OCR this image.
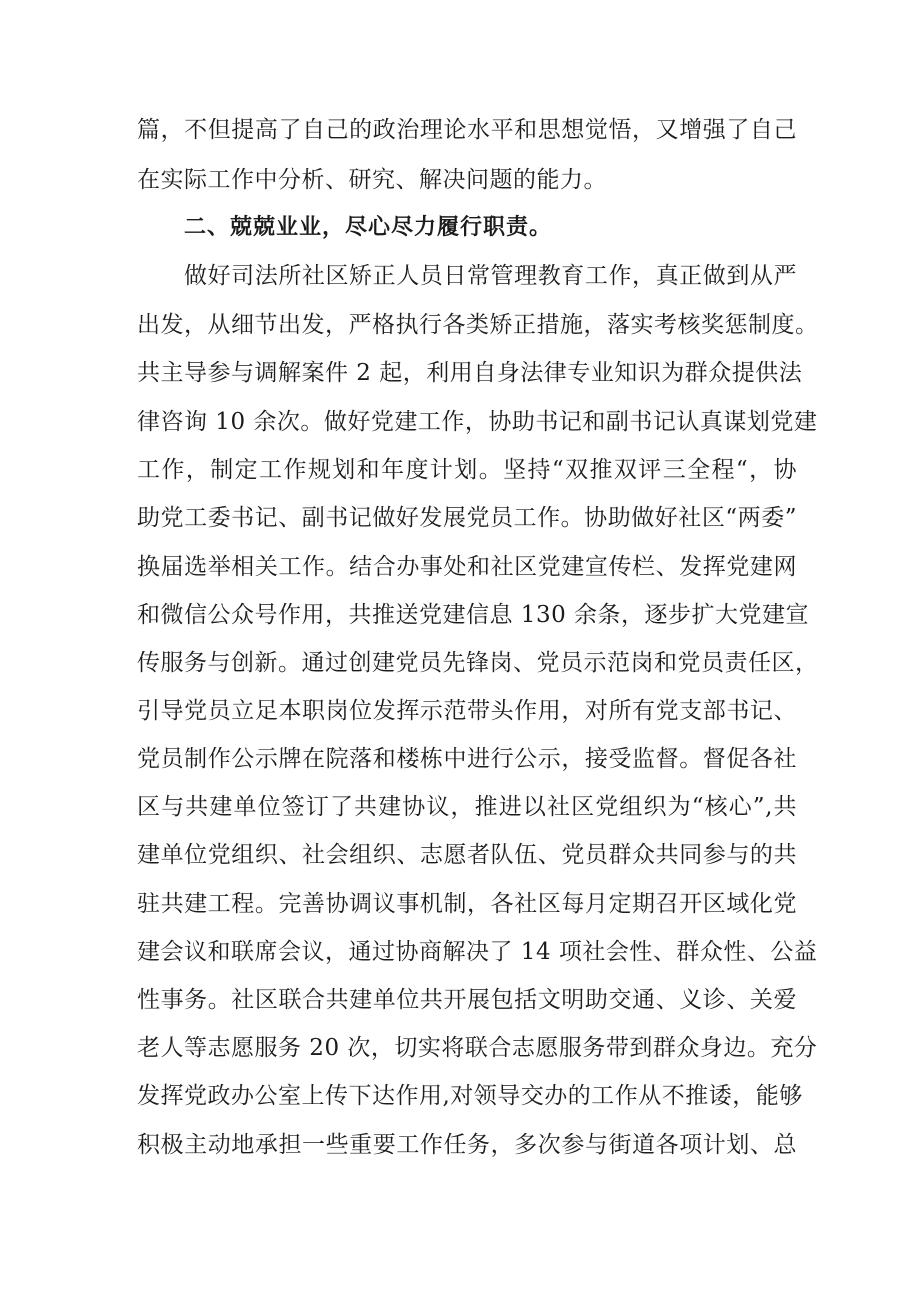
篇，不但提高了自己的政治理论水平和思想觉悟，又增强了自己
在实际工作中分析、研究、解决问题的能力。
二、兢兢业业，尽心尽力履行职责。
做好司法所社区矫正人员日常管理教育工作，真正做到从严
出发，从细节出发，严格执行各类矫正措施，落实考核奖惩制度。
共主导参与调解案件 2 起，利用自身法律专业知识为群众提供法
律咨询 10 余次。做好党建工作，协助书记和副书记认真谋划党建
工作，制定工作规划和年度计划。坚持“双推双评三全程“，协
助党工委书记、副书记做好发展党员工作。协助做好社区“两委”
换届选举相关工作。结合办事处和社区党建宣传栏、发挥党建网
和微信公众号作用，共推送党建信息 130 余条，逐步扩大党建宣
传服务与创新。通过创建党员先锋岗、党员示范岗和党员责任区，
引导党员立足本职岗位发挥示范带头作用，对所有党支部书记、
党员制作公示牌在院落和楼栋中进行公示，接受监督。督促各社
区与共建单位签订了共建协议，推进以社区党组织为“核心”,共
建单位党组织、社会组织、志愿者队伍、党员群众共同参与的共
驻共建工程。完善协调议事机制，各社区每月定期召开区域化党
建会议和联席会议，通过协商解决了 14 项社会性、群众性、公益
性事务。社区联合共建单位共开展包括文明助交通、义诊、关爱
老人等志愿服务 20 次，切实将联合志愿服务带到群众身边。充分
发挥党政办公室上传下达作用,对领导交办的工作从不推诿，能够
积极主动地承担一些重要工作任务，多次参与街道各项计划、总
